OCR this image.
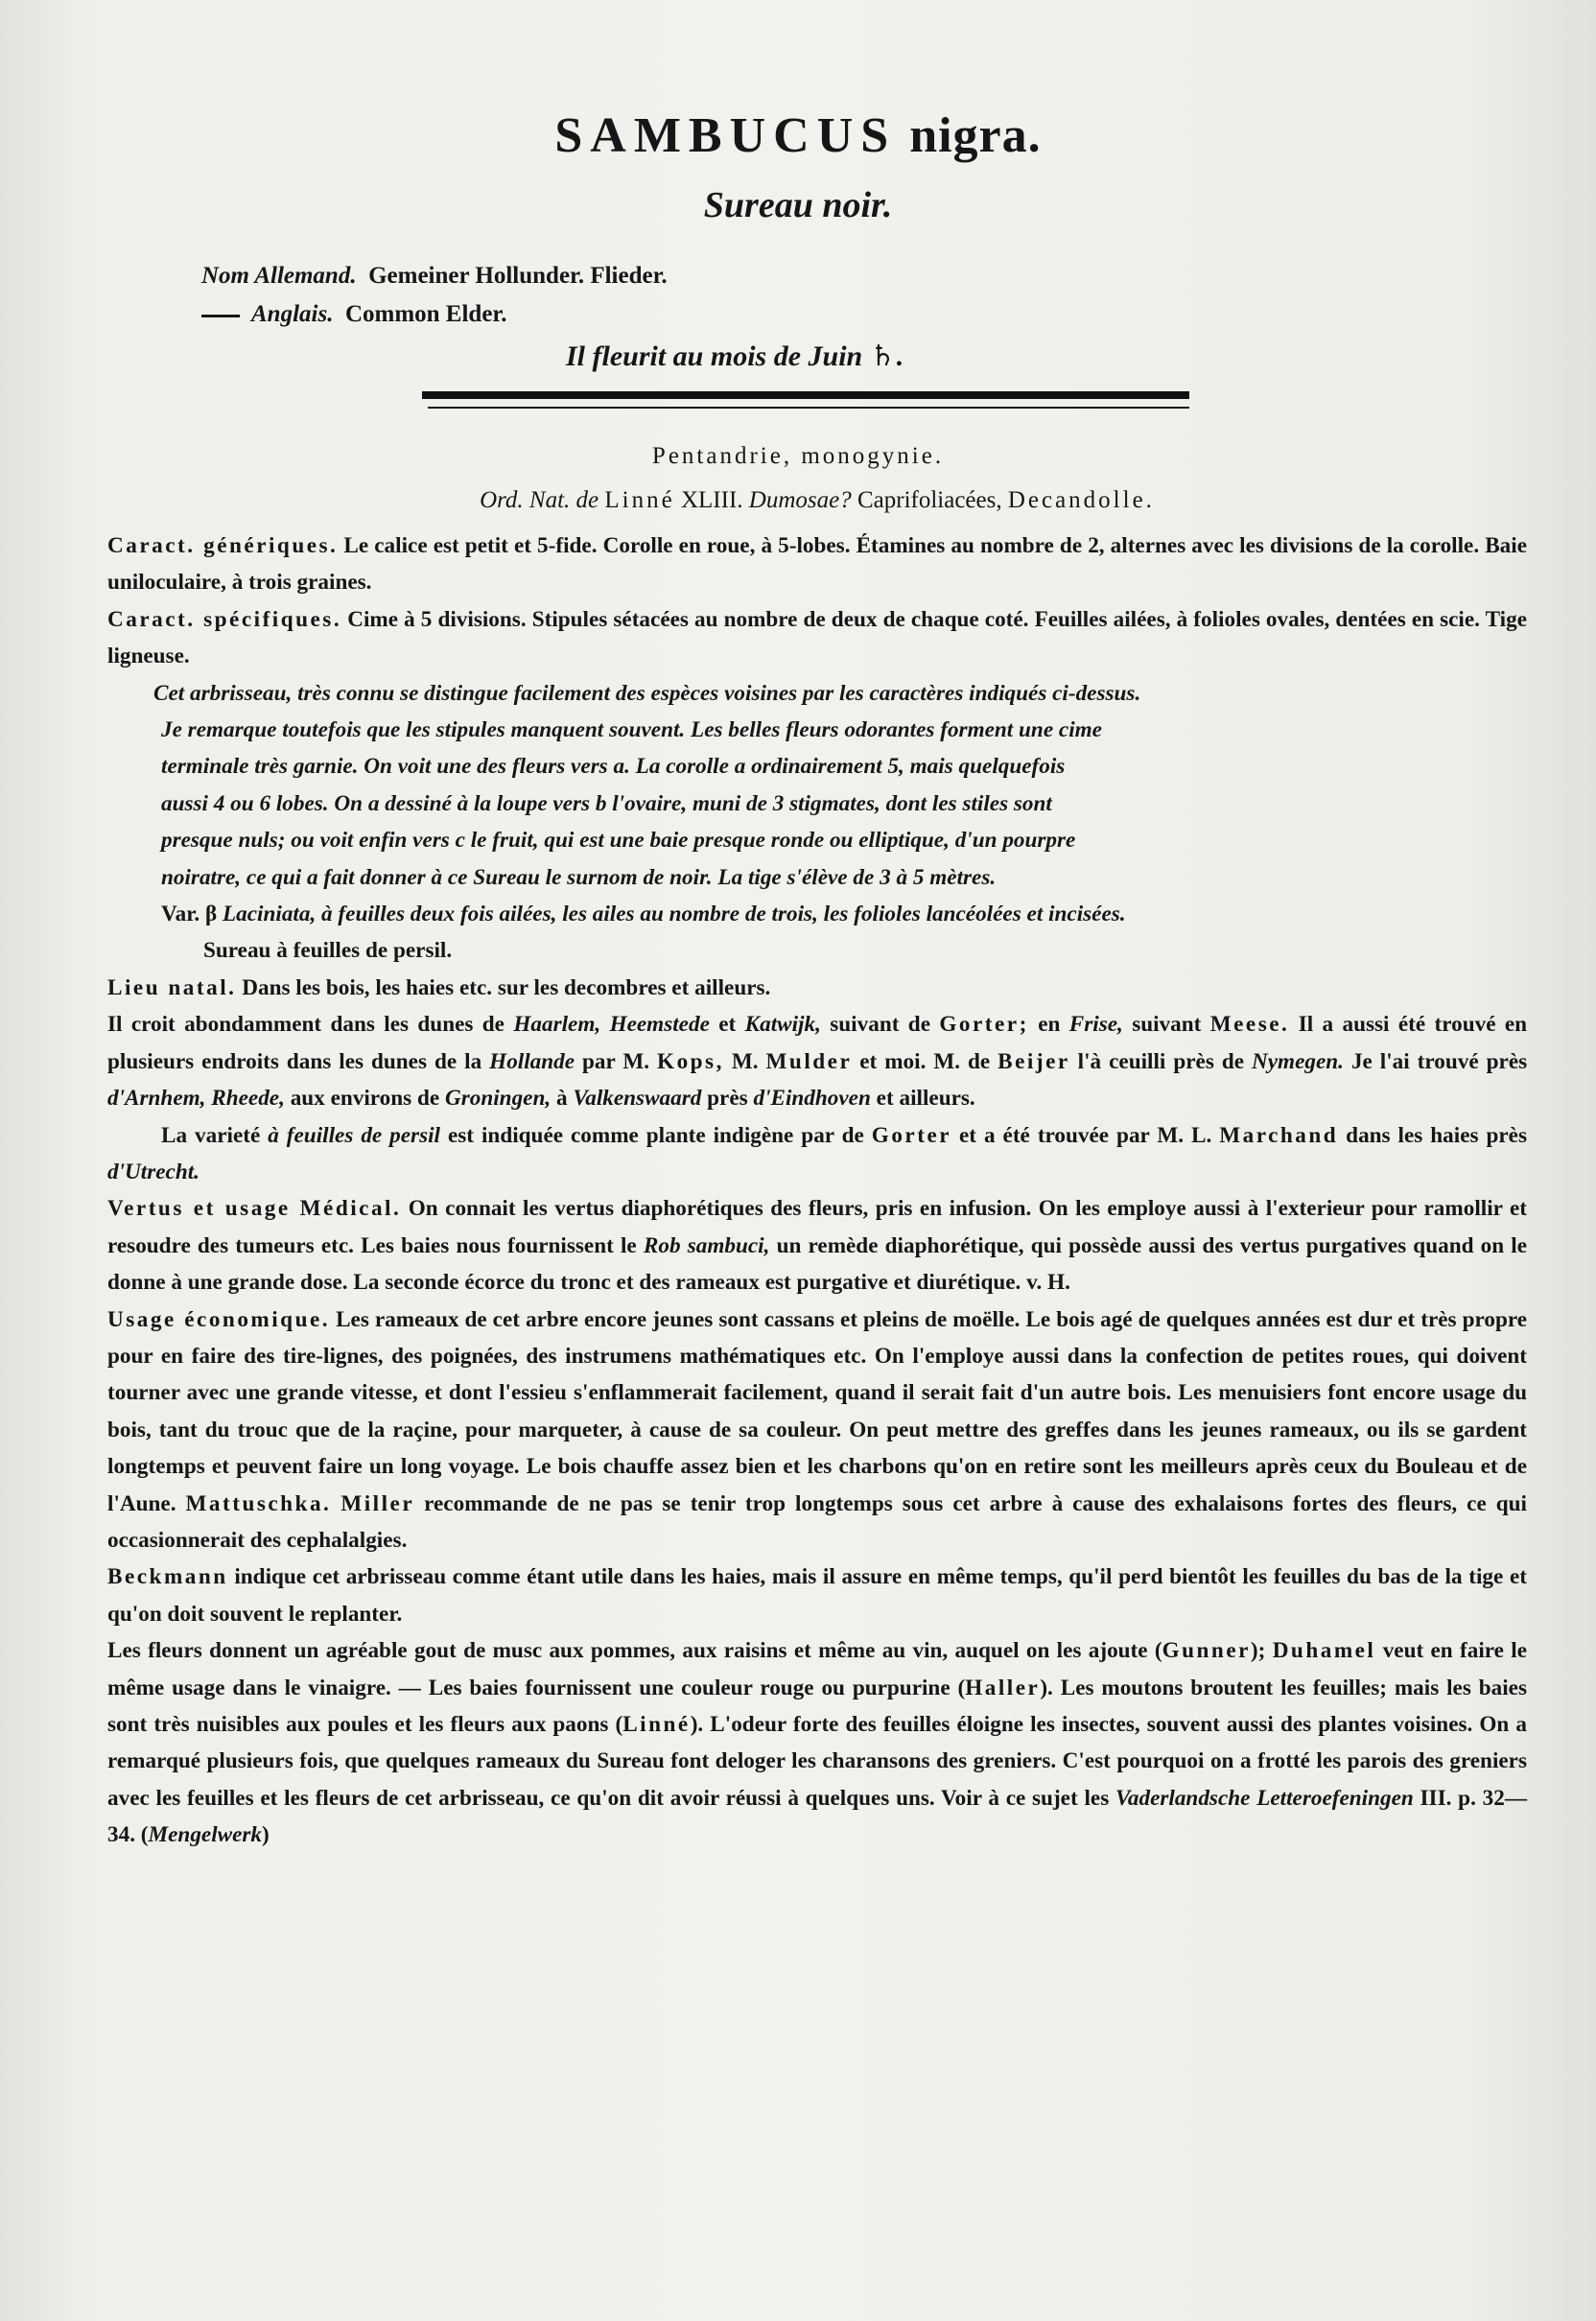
SAMBUCUS nigra.
Sureau noir.
Nom Allemand. Gemeiner Hollunder. Flieder.
Anglais. Common Elder.
Il fleurit au mois de Juin ♄.
Pentandrie, monogynie.
Ord. Nat. de Linné XLIII. Dumosae? Caprifoliacées, Decandolle.

Caract. génériques. Le calice est petit et 5-fide. Corolle en roue, à 5-lobes. Étamines au nombre de 2, alternes avec les divisions de la corolle. Baie uniloculaire, à trois graines.

Caract. spécifiques. Cime à 5 divisions. Stipules sétacées au nombre de deux de chaque coté. Feuilles ailées, à folioles ovales, dentées en scie. Tige ligneuse.

Cet arbrisseau, très connu se distingue facilement des espèces voisines par les caractères indiqués ci-dessus.

Je remarque toutefois que les stipules manquent souvent. Les belles fleurs odorantes forment une cime

terminale très garnie. On voit une des fleurs vers a. La corolle a ordinairement 5, mais quelquefois

aussi 4 ou 6 lobes. On a dessiné à la loupe vers b l'ovaire, muni de 3 stigmates, dont les stiles sont

presque nuls; ou voit enfin vers c le fruit, qui est une baie presque ronde ou elliptique, d'un pourpre

noiratre, ce qui a fait donner à ce Sureau le surnom de noir. La tige s'élève de 3 à 5 mètres.

Var. β Laciniata, à feuilles deux fois ailées, les ailes au nombre de trois, les folioles lancéolées et incisées.

Sureau à feuilles de persil.

Lieu natal. Dans les bois, les haies etc. sur les decombres et ailleurs.

Il croit abondamment dans les dunes de Haarlem, Heemstede et Katwijk, suivant de Gorter; en Frise, suivant Meese. Il a aussi été trouvé en plusieurs endroits dans les dunes de la Hollande par M. Kops, M. Mulder et moi. M. de Beijer l'à ceuilli près de Nymegen. Je l'ai trouvé près d'Arnhem, Rheede, aux environs de Groningen, à Valkenswaard près d'Eindhoven et ailleurs.

La varieté à feuilles de persil est indiquée comme plante indigène par de Gorter et a été trouvée par M. L. Marchand dans les haies près d'Utrecht.

Vertus et usage Médical. On connait les vertus diaphorétiques des fleurs, pris en infusion. On les employe aussi à l'exterieur pour ramollir et resoudre des tumeurs etc. Les baies nous fournissent le Rob sambuci, un remède diaphorétique, qui possède aussi des vertus purgatives quand on le donne à une grande dose. La seconde écorce du tronc et des rameaux est purgative et diurétique. v. H.

Usage économique. Les rameaux de cet arbre encore jeunes sont cassans et pleins de moëlle. Le bois agé de quelques années est dur et très propre pour en faire des tire-lignes, des poignées, des instrumens mathématiques etc. On l'employe aussi dans la confection de petites roues, qui doivent tourner avec une grande vitesse, et dont l'essieu s'enflammerait facilement, quand il serait fait d'un autre bois. Les menuisiers font encore usage du bois, tant du trouc que de la raçine, pour marqueter, à cause de sa couleur. On peut mettre des greffes dans les jeunes rameaux, ou ils se gardent longtemps et peuvent faire un long voyage. Le bois chauffe assez bien et les charbons qu'on en retire sont les meilleurs après ceux du Bouleau et de l'Aune. Mattuschka. Miller recommande de ne pas se tenir trop longtemps sous cet arbre à cause des exhalaisons fortes des fleurs, ce qui occasionnerait des cephalalgies.

Beckmann indique cet arbrisseau comme étant utile dans les haies, mais il assure en même temps, qu'il perd bientôt les feuilles du bas de la tige et qu'on doit souvent le replanter.

Les fleurs donnent un agréable gout de musc aux pommes, aux raisins et même au vin, auquel on les ajoute (Gunner); Duhamel veut en faire le même usage dans le vinaigre. — Les baies fournissent une couleur rouge ou purpurine (Haller). Les moutons broutent les feuilles; mais les baies sont très nuisibles aux poules et les fleurs aux paons (Linné). L'odeur forte des feuilles éloigne les insectes, souvent aussi des plantes voisines. On a remarqué plusieurs fois, que quelques rameaux du Sureau font deloger les charansons des greniers. C'est pourquoi on a frotté les parois des greniers avec les feuilles et les fleurs de cet arbrisseau, ce qu'on dit avoir réussi à quelques uns. Voir à ce sujet les Vaderlandsche Letteroefeningen III. p. 32—34. (Mengelwerk)
